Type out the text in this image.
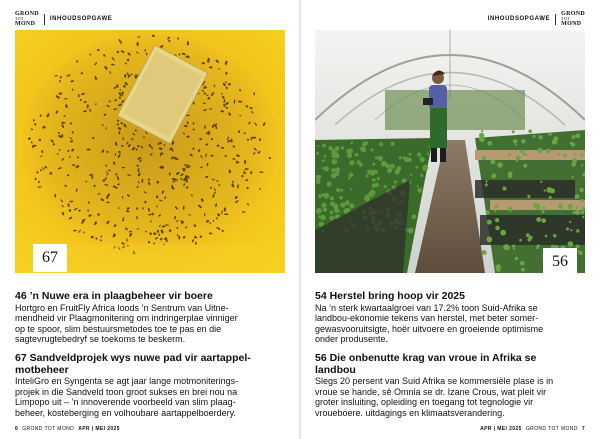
GROND
TOT
MOND
INHOUDSOPGAWE
67

46 ’n Nuwe era in plaagbeheer vir boere

Hortgro en FruitFly Africa loods ’n Sentrum van Uitne-

mendheid vir Plaagmonitering om indringerplae vinniger

op te spoor, slim bestuursmetodes toe te pas en die

sagtevrugtebedryf se toekoms te beskerm.

67 Sandveldprojek wys nuwe pad vir aartappel-

motbeheer

InteliGro en Syngenta se agt jaar lange motmoniterings-

projek in die Sandveld toon groot sukses en brei nou na

Limpopo uit – ’n innoverende voorbeeld van slim plaag-

beheer, kosteberging en volhoubare aartappelboerdery.

6 GROND TOT MOND APR | MEI 2025
INHOUDSOPGAWE
GROND
TOT
MOND
56

54 Herstel bring hoop vir 2025

Na ’n sterk kwartaalgroei van 17.2% toon Suid-Afrika se

landbou-ekonomie tekens van herstel, met beter somer-

gewasvooruitsigte, hoër uitvoere en groeiende optimisme

onder produsente.

56 Die onbenutte krag van vroue in Afrika se

landbou

Slegs 20 persent van Suid Afrika se kommersiële plase is in

vroue se hande, sê Omnia se dr. Izane Crous, wat pleit vir

groter insluiting, opleiding en toegang tot tegnologie vir

vroueboere. uitdagings en klimaatsverandering.

APR | MEI 2025 GROND TOT MOND 7
